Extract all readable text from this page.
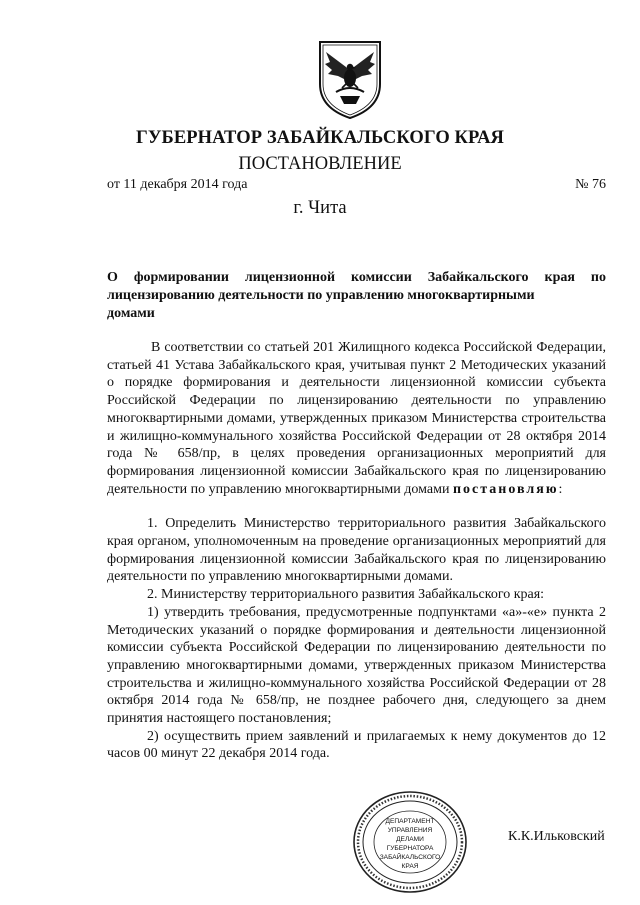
ГУБЕРНАТОР ЗАБАЙКАЛЬСКОГО КРАЯ
ПОСТАНОВЛЕНИЕ
от 11 декабря 2014 года	№ 76
г. Чита
О формировании лицензионной комиссии Забайкальского края по лицензированию деятельности по управлению многоквартирными
домами

В соответствии со статьей 201 Жилищного кодекса Российской Федерации, статьей 41 Устава Забайкальского края, учитывая пункт 2 Методических указаний о порядке формирования и деятельности лицензионной комиссии субъекта Российской Федерации по лицензированию деятельности по управлению многоквартирными домами, утвержденных приказом Министерства строительства и жилищно-коммунального хозяйства Российской Федерации от 28 октября 2014 года № 658/пр, в целях проведения организационных мероприятий для формирования лицензионной комиссии Забайкальского края по лицензированию деятельности по управлению многоквартирными домами постановляю:

1. Определить Министерство территориального развития Забайкальского края органом, уполномоченным на проведение организационных мероприятий для формирования лицензионной комиссии Забайкальского края по лицензированию деятельности по управлению многоквартирными домами.

2. Министерству территориального развития Забайкальского края:

1) утвердить требования, предусмотренные подпунктами «а»-«е» пункта 2 Методических указаний о порядке формирования и деятельности лицензионной комиссии субъекта Российской Федерации по лицензированию деятельности по управлению многоквартирными домами, утвержденных приказом Министерства строительства и жилищно-коммунального хозяйства Российской Федерации от 28 октября 2014 года № 658/пр, не позднее рабочего дня, следующего за днем принятия настоящего постановления;

2) осуществить прием заявлений и прилагаемых к нему документов до 12 часов 00 минут 22 декабря 2014 года.

ДЕПАРТАМЕНТ
УПРАВЛЕНИЯ
ДЕЛАМИ
ГУБЕРНАТОРА
ЗАБАЙКАЛЬСКОГО
КРАЯ
К.К.Ильковский
